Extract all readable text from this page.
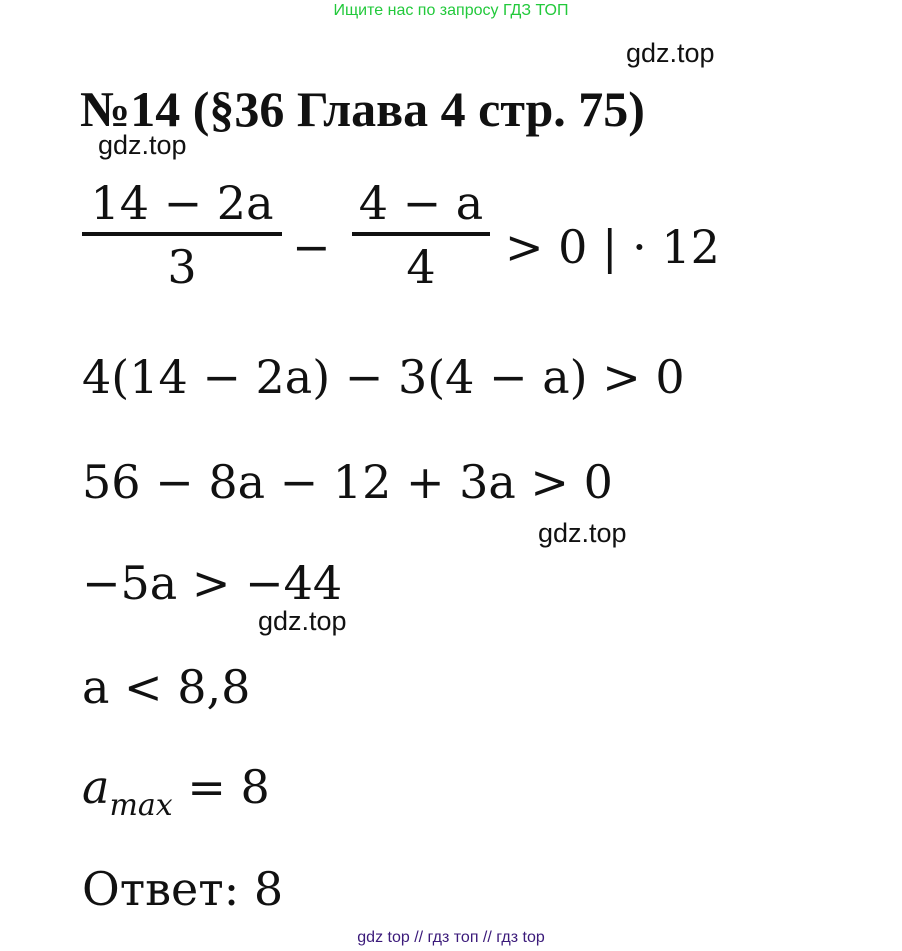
Ищите нас по запросу ГДЗ ТОП
gdz.top
№14 (§36 Глава 4 стр. 75)
gdz.top
14 − 2a
3	−
4 − a
4	> 0 | · 12
4(14 − 2a) − 3(4 − a) > 0
56 − 8a − 12 + 3a > 0
gdz.top
−5a > −44
gdz.top
a < 8,8
$a_{max} = 8$
Ответ: 8
gdz top // гдз топ // гдз top
